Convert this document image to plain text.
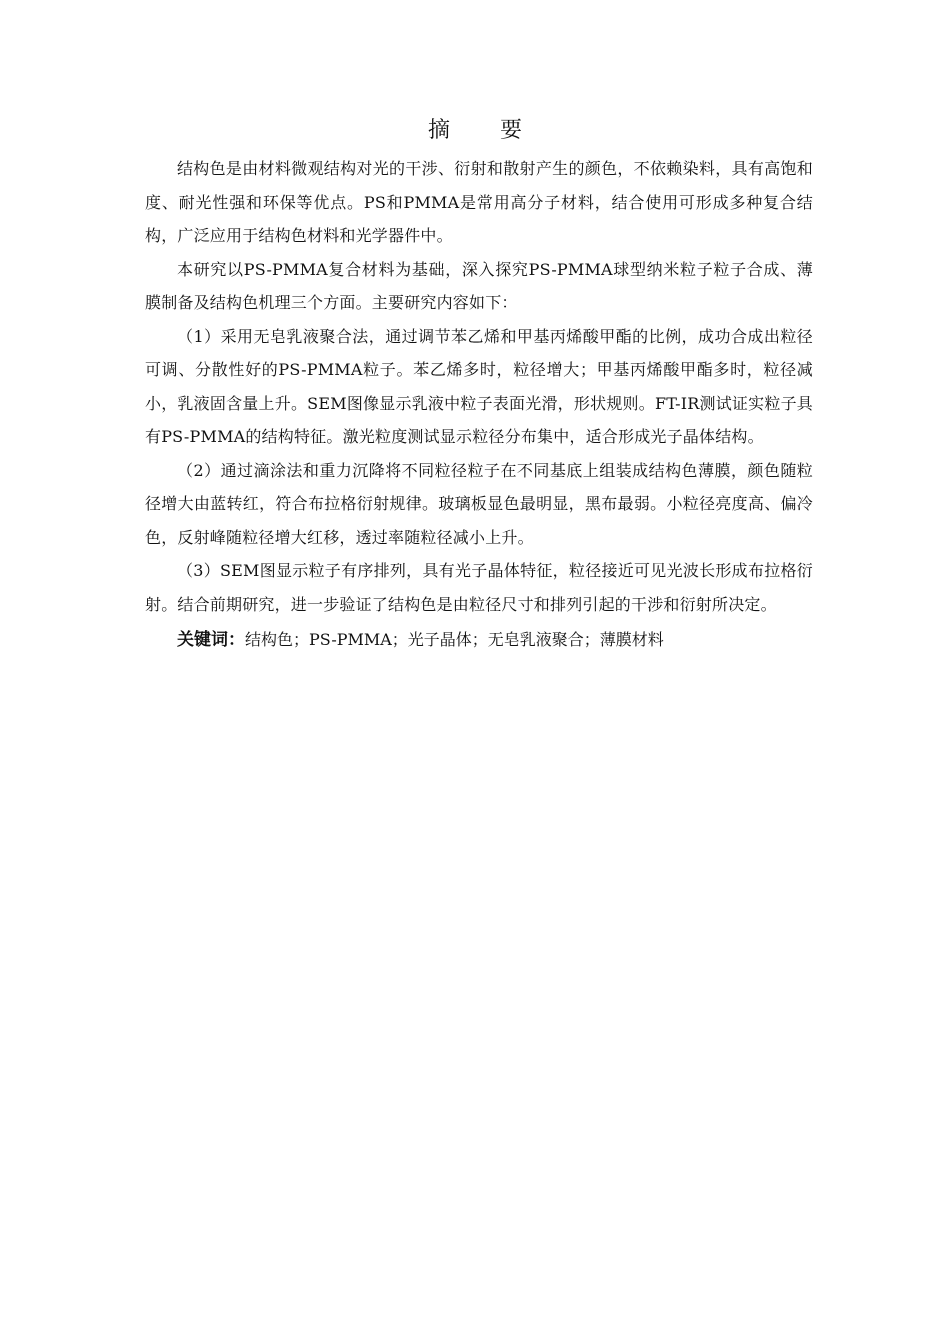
摘　要

结构色是由材料微观结构对光的干涉、衍射和散射产生的颜色，不依赖染料，具有高饱和度、耐光性强和环保等优点。PS和PMMA是常用高分子材料，结合使用可形成多种复合结构，广泛应用于结构色材料和光学器件中。

本研究以PS-PMMA复合材料为基础，深入探究PS-PMMA球型纳米粒子粒子合成、薄膜制备及结构色机理三个方面。主要研究内容如下：

（1）采用无皂乳液聚合法，通过调节苯乙烯和甲基丙烯酸甲酯的比例，成功合成出粒径可调、分散性好的PS-PMMA粒子。苯乙烯多时，粒径增大；甲基丙烯酸甲酯多时，粒径减小，乳液固含量上升。SEM图像显示乳液中粒子表面光滑，形状规则。FT-IR测试证实粒子具有PS-PMMA的结构特征。激光粒度测试显示粒径分布集中，适合形成光子晶体结构。

（2）通过滴涂法和重力沉降将不同粒径粒子在不同基底上组装成结构色薄膜，颜色随粒径增大由蓝转红，符合布拉格衍射规律。玻璃板显色最明显，黑布最弱。小粒径亮度高、偏冷色，反射峰随粒径增大红移，透过率随粒径减小上升。

（3）SEM图显示粒子有序排列，具有光子晶体特征，粒径接近可见光波长形成布拉格衍射。结合前期研究，进一步验证了结构色是由粒径尺寸和排列引起的干涉和衍射所决定。

关键词：结构色；PS-PMMA；光子晶体；无皂乳液聚合；薄膜材料
